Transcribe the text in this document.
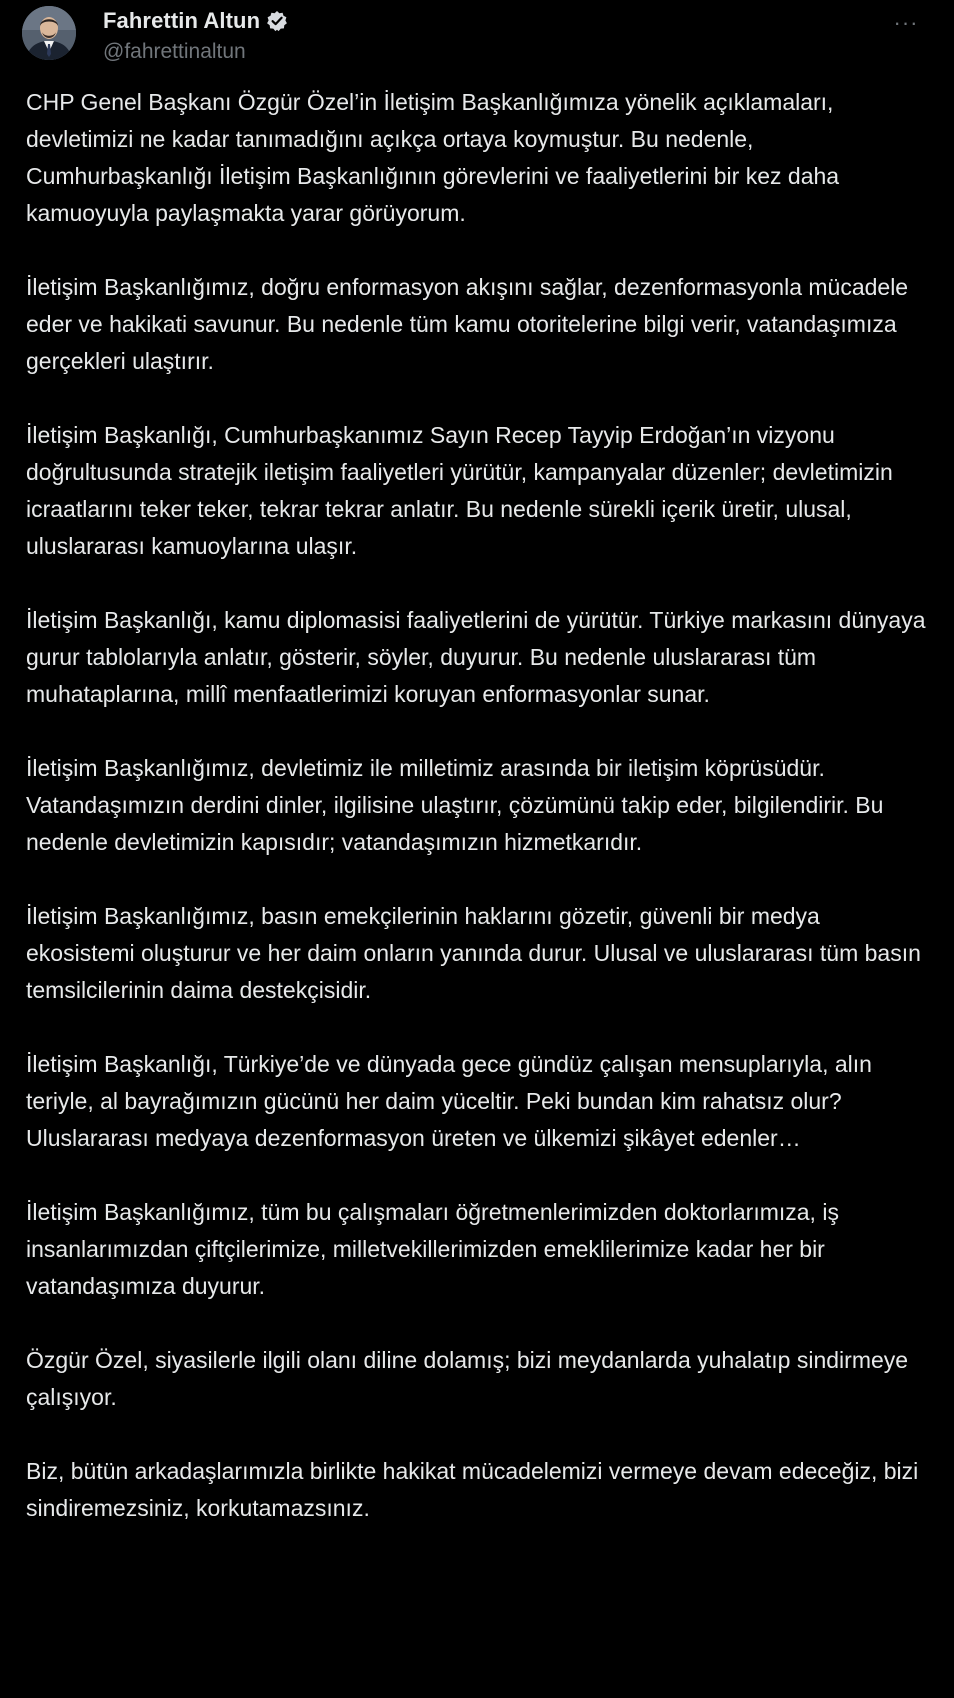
Fahrettin Altun
@fahrettinaltun
···

CHP Genel Başkanı Özgür Özel’in İletişim Başkanlığımıza yönelik açıklamaları, devletimizi ne kadar tanımadığını açıkça ortaya koymuştur. Bu nedenle, Cumhurbaşkanlığı İletişim Başkanlığının görevlerini ve faaliyetlerini bir kez daha kamuoyuyla paylaşmakta yarar görüyorum.

İletişim Başkanlığımız, doğru enformasyon akışını sağlar, dezenformasyonla mücadele eder ve hakikati savunur. Bu nedenle tüm kamu otoritelerine bilgi verir, vatandaşımıza gerçekleri ulaştırır.

İletişim Başkanlığı, Cumhurbaşkanımız Sayın Recep Tayyip Erdoğan’ın vizyonu doğrultusunda stratejik iletişim faaliyetleri yürütür, kampanyalar düzenler; devletimizin icraatlarını teker teker, tekrar tekrar anlatır. Bu nedenle sürekli içerik üretir, ulusal, uluslararası kamuoylarına ulaşır.

İletişim Başkanlığı, kamu diplomasisi faaliyetlerini de yürütür. Türkiye markasını dünyaya gurur tablolarıyla anlatır, gösterir, söyler, duyurur. Bu nedenle uluslararası tüm muhataplarına, millî menfaatlerimizi koruyan enformasyonlar sunar.

İletişim Başkanlığımız, devletimiz ile milletimiz arasında bir iletişim köprüsüdür. Vatandaşımızın derdini dinler, ilgilisine ulaştırır, çözümünü takip eder, bilgilendirir. Bu nedenle devletimizin kapısıdır; vatandaşımızın hizmetkarıdır.

İletişim Başkanlığımız, basın emekçilerinin haklarını gözetir, güvenli bir medya ekosistemi oluşturur ve her daim onların yanında durur. Ulusal ve uluslararası tüm basın temsilcilerinin daima destekçisidir.

İletişim Başkanlığı, Türkiye’de ve dünyada gece gündüz çalışan mensuplarıyla, alın teriyle, al bayrağımızın gücünü her daim yüceltir. Peki bundan kim rahatsız olur? Uluslararası medyaya dezenformasyon üreten ve ülkemizi şikâyet edenler…

İletişim Başkanlığımız, tüm bu çalışmaları öğretmenlerimizden doktorlarımıza, iş insanlarımızdan çiftçilerimize, milletvekillerimizden emeklilerimize kadar her bir vatandaşımıza duyurur.

Özgür Özel, siyasilerle ilgili olanı diline dolamış; bizi meydanlarda yuhalatıp sindirmeye çalışıyor.

Biz, bütün arkadaşlarımızla birlikte hakikat mücadelemizi vermeye devam edeceğiz, bizi sindiremezsiniz, korkutamazsınız.
